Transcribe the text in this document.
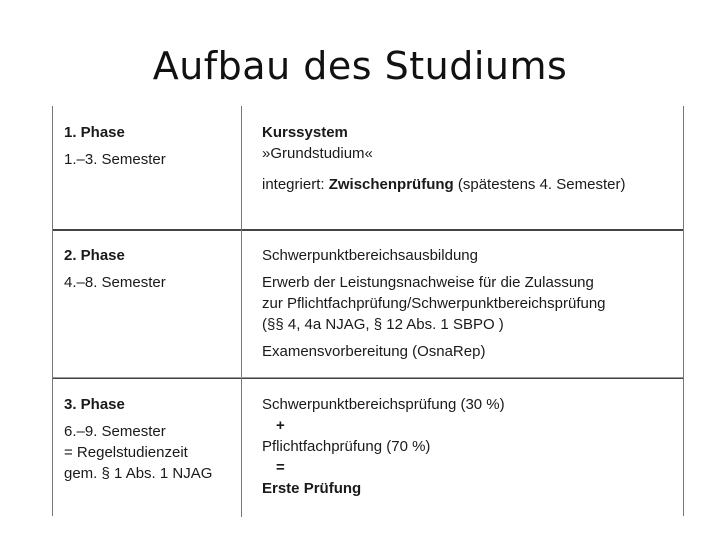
Aufbau des Studiums
1. Phase
1.–3. Semester
Kurssystem
»Grundstudium«
integriert: Zwischenprüfung (spätestens 4. Semester)
2. Phase
4.–8. Semester
Schwerpunktbereichsausbildung
Erwerb der Leistungsnachweise für die Zulassung
zur Pflichtfachprüfung/Schwerpunktbereichsprüfung
(§§ 4, 4a NJAG, § 12 Abs. 1 SBPO )
Examensvorbereitung (OsnaRep)
3. Phase
6.–9. Semester
= Regelstudienzeit
gem. § 1 Abs. 1 NJAG
Schwerpunktbereichsprüfung (30 %)
+
Pflichtfachprüfung (70 %)
=
Erste Prüfung
